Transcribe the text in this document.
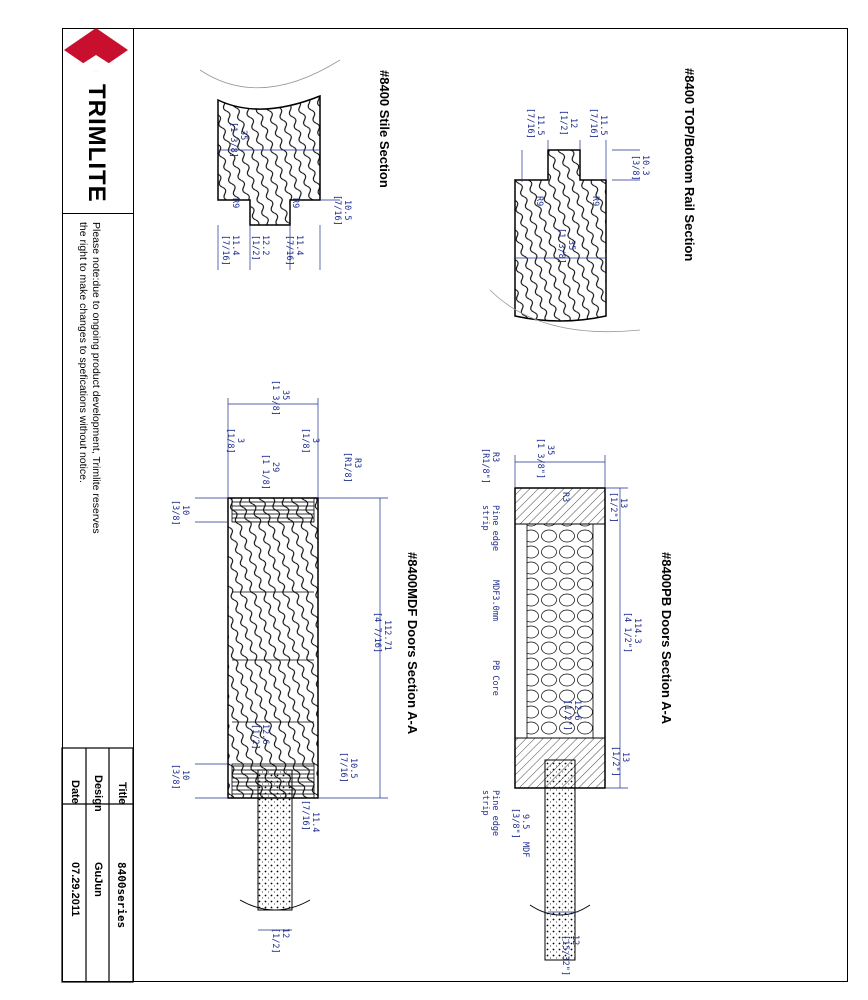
TRIMLITE
Please note:due to ongoing product development, Trimlite reserves
the right to make changes to spefications without notice.
Title
8400series
Design
GuJun
Date
07.29.2011
#8400 TOP/Bottom Rail Section
#8400 Stile Section
#8400PB Doors Section A-A
#8400MDF Doors Section A-A
11.5
[7/16]
12
[1/2]
11.5
[7/16]
10.3
[3/8]
35
[1 3/8]
R9	R9
35
[1 3/8]
10.5
[7/16]
11.4
[7/16]
12.2
[1/2]
11.4
[7/16]
R9
R9
35
[1 3/8"]
R3
[R1/8"]
R3
13
[1/2"]
114.3
[4 1/2"]
12.6
[1/2"]
13
[1/2"]
9.5
[3/8"]
12
[15/32"]
Pine edge
strip
MDF3.0mm
PB Core
Pine edge
strip
MDF
35
[1 3/8]
3
[1/8]
3
[1/8]
29
[1 1/8]	R3
[R1/8]
10
[3/8]
112.71
[4 7/16]
10.5
[7/16]
10
[3/8]
12.6
[1/2]
11.4
[7/16]
12
[1/2]
